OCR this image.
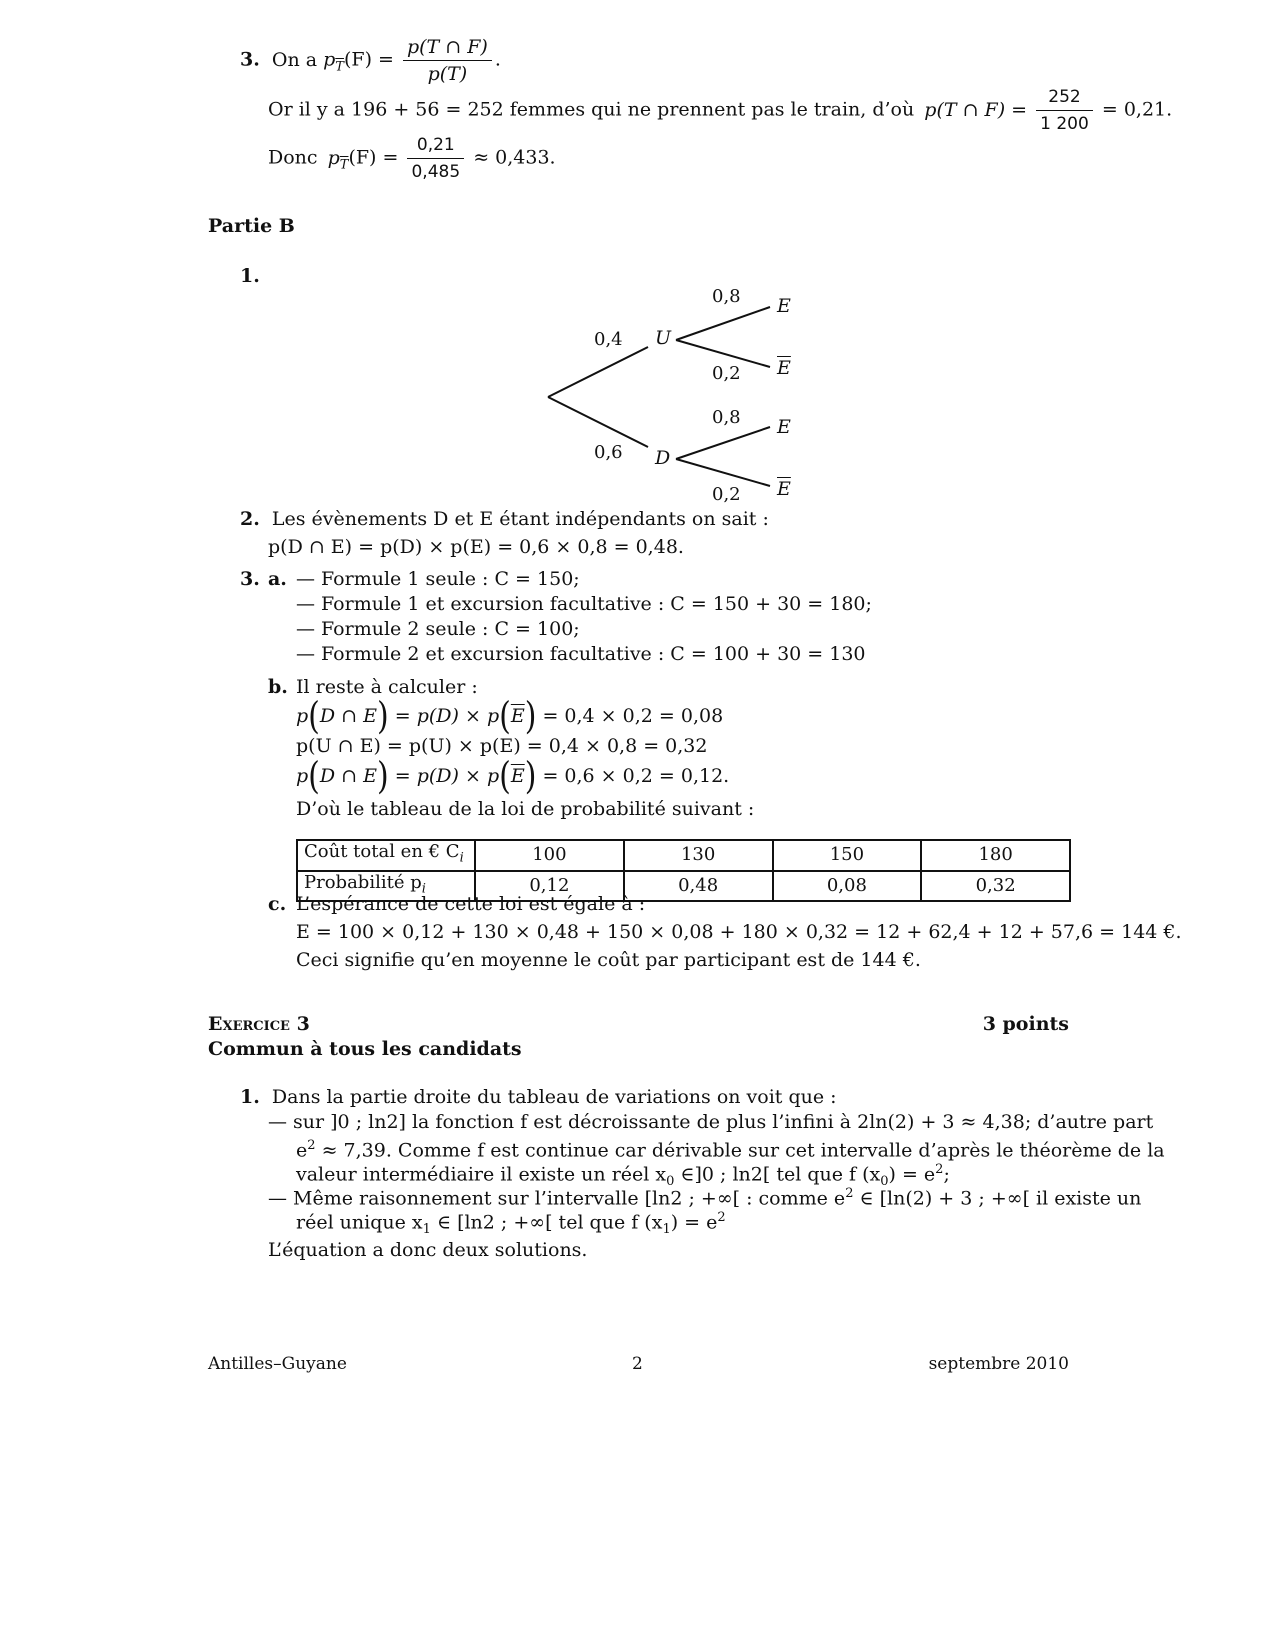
3. On a $p_{\overline{T}}(F) = \frac{p(T \cap F)}{p(T)}$ .
Or il y a 196 + 56 = 252 femmes qui ne prennent pas le train, d’où p(T ∩ $F) = \frac{252}{1 200} = 0,21$.
Donc $p_{\overline{T}}(F) = \frac{0,21}{0,485} \approx 0,433$.
Partie B
1.
0,4
0,6
U
D
0,8
0,2
0,8
0,2
E
$\overline{E}$
E
$\overline{E}$
2. Les évènements D et E étant indépendants on sait :
p(D ∩ E) = p(D) × p(E) = 0,6 × 0,8 = 0,48.
3. a. — Formule 1 seule : C = 150;
— Formule 1 et excursion facultative : C = 150 + 30 = 180;
— Formule 2 seule : C = 100;
— Formule 2 et excursion facultative : C = 100 + 30 = 130
b. Il reste à calculer :
p(D ∩ $E) = p(D) \times p(\overline{E}) = 0,4 \times 0,2 = 0,08$
p(U ∩ E) = p(U) × p(E) = 0,4 × 0,8 = 0,32
p(D ∩ $E) = p(D) \times p(\overline{E}) = 0,6 \times 0,2 = 0,12$.
D’où le tableau de la loi de probabilité suivant :
Coût total en € $C_i$	100	130	150	180
Probabilité $p_i$	0,12	0,48	0,08	0,32
c. L’espérance de cette loi est égale à :
E = 100 × 0,12 + 130 × 0,48 + 150 × 0,08 + 180 × 0,32 = 12 + 62,4 + 12 + 57,6 = 144 €.
Ceci signifie qu’en moyenne le coût par participant est de 144 €.
Exercice 3	3 points
Commun à tous les candidats
1. Dans la partie droite du tableau de variations on voit que :
— sur ]0 ; ln2] la fonction f est décroissante de plus l’infini à 2ln(2) + 3 ≈ 4,38; d’autre part
$e^2 \approx 7,39$. Comme f est continue car dérivable sur cet intervalle d’après le théorème de la
valeur intermédiaire il existe un réel $x_0$ ∈]0 ; ln2[ tel que f $(x_0) = e^2$;
— Même raisonnement sur l’intervalle [ln2 ; +∞[ : comme $e^2$ ∈ [ln(2) + 3 ; +∞[ il existe un
réel unique $x_1$ ∈ [ln2 ; +∞[ tel que f $(x_1) = e^2$
L’équation a donc deux solutions.
Antilles–Guyane	2	septembre 2010
